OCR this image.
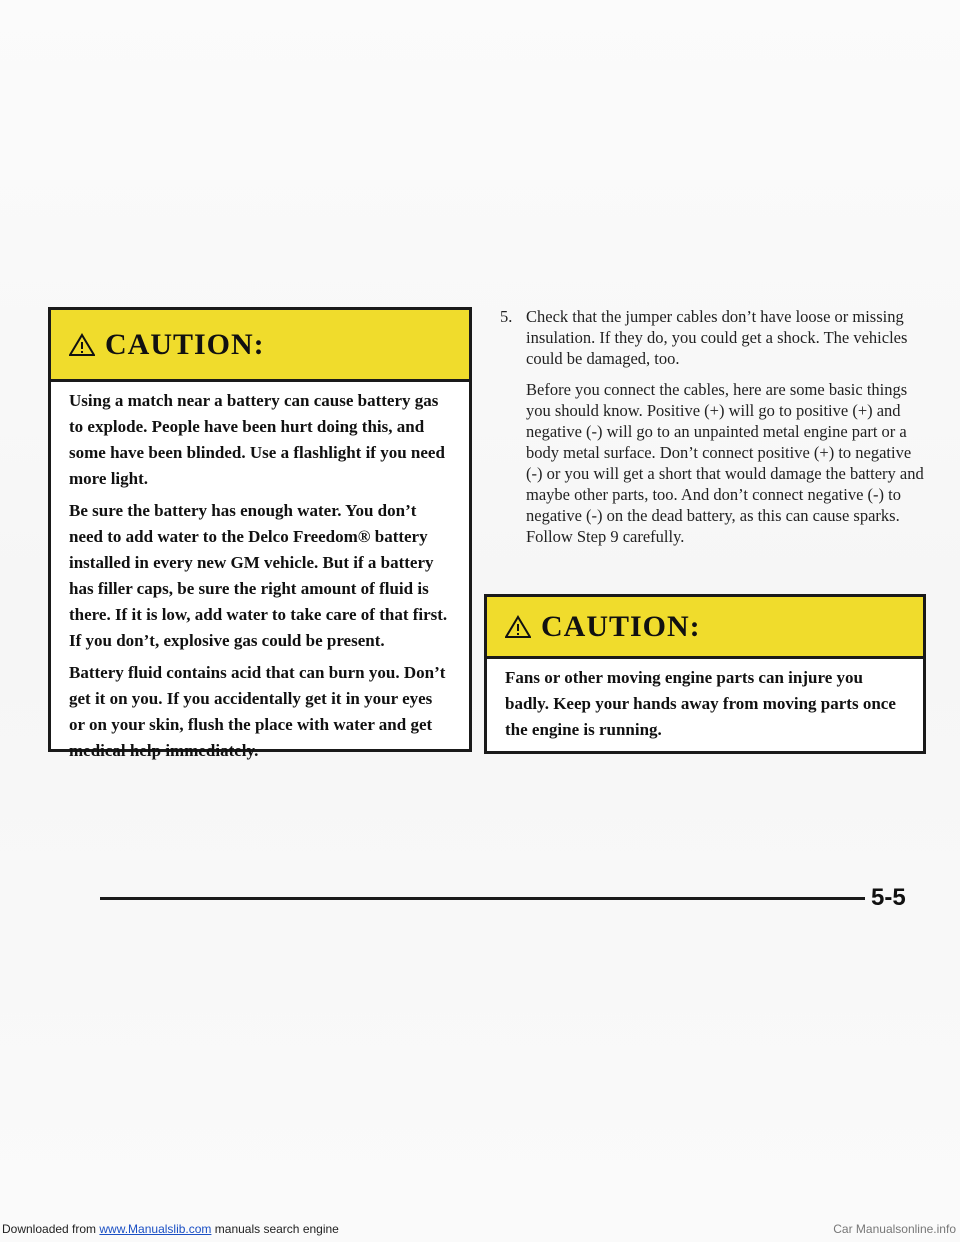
CAUTION:

Using a match near a battery can cause battery gas to explode. People have been hurt doing this, and some have been blinded. Use a flashlight if you need more light.

Be sure the battery has enough water. You don’t need to add water to the Delco Freedom® battery installed in every new GM vehicle. But if a battery has filler caps, be sure the right amount of fluid is there. If it is low, add water to take care of that first. If you don’t, explosive gas could be present.

Battery fluid contains acid that can burn you. Don’t get it on you. If you accidentally get it in your eyes or on your skin, flush the place with water and get medical help immediately.

5. Check that the jumper cables don’t have loose or missing insulation. If they do, you could get a shock. The vehicles could be damaged, too.

Before you connect the cables, here are some basic things you should know. Positive (+) will go to positive (+) and negative (-) will go to an unpainted metal engine part or a body metal surface. Don’t connect positive (+) to negative (-) or you will get a short that would damage the battery and maybe other parts, too. And don’t connect negative (-) to negative (-) on the dead battery, as this can cause sparks. Follow Step 9 carefully.

CAUTION:

Fans or other moving engine parts can injure you badly. Keep your hands away from moving parts once the engine is running.

5-5
Downloaded from www.Manualslib.com manuals search engine	Car Manualsonline.info
